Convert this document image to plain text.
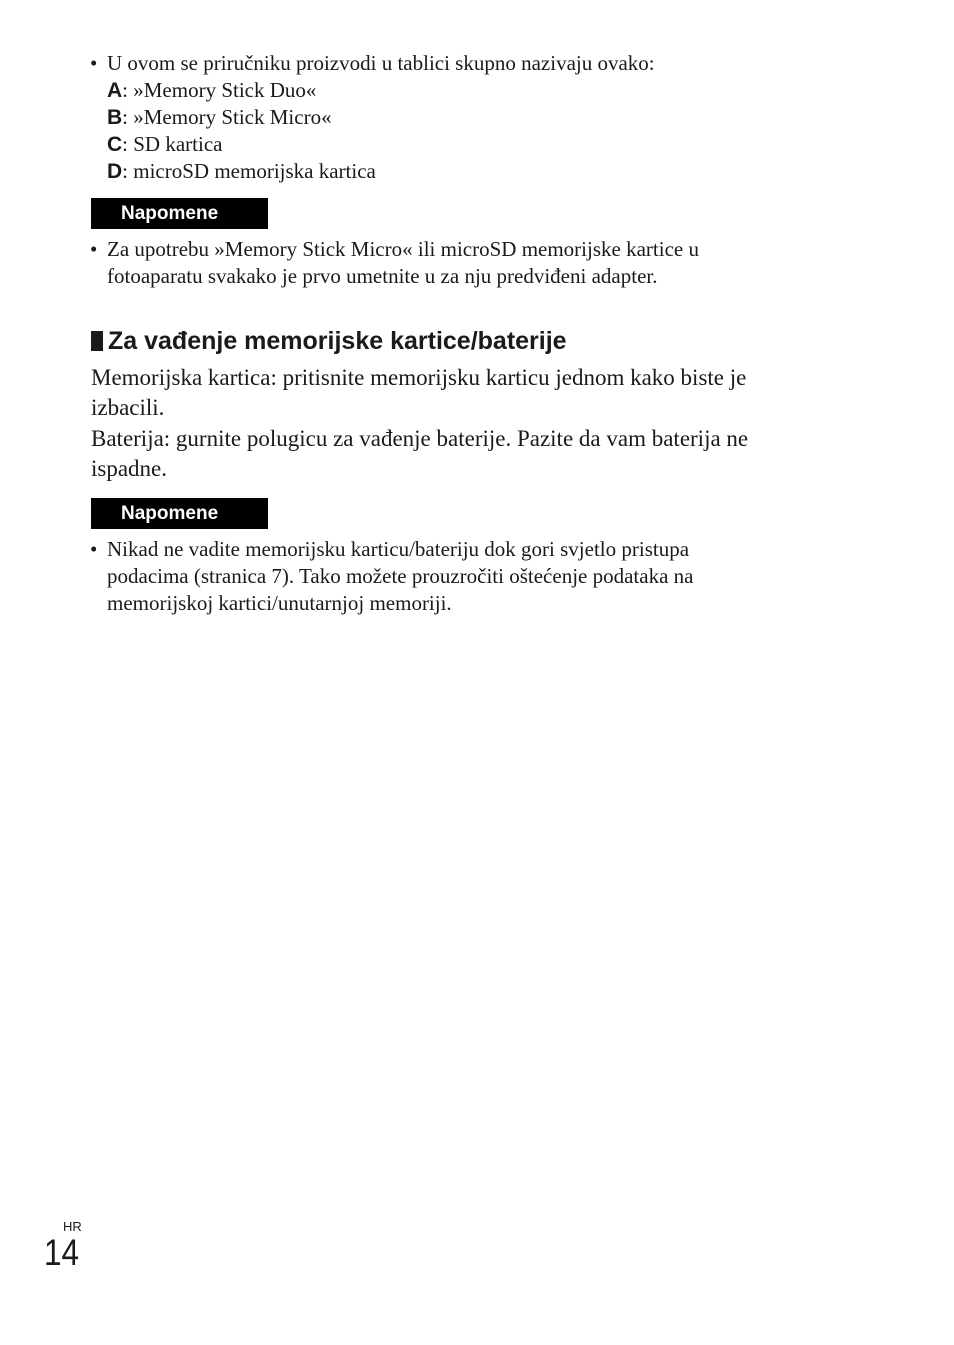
• U ovom se priručniku proizvodi u tablici skupno nazivaju ovako:
A: »Memory Stick Duo«
B: »Memory Stick Micro«
C: SD kartica
D: microSD memorijska kartica
Napomene
• Za upotrebu »Memory Stick Micro« ili microSD memorijske kartice u
fotoaparatu svakako je prvo umetnite u za nju predviđeni adapter.
Za vađenje memorijske kartice/baterije
Memorijska kartica: pritisnite memorijsku karticu jednom kako biste je
izbacili.
Baterija: gurnite polugicu za vađenje baterije. Pazite da vam baterija ne
ispadne.
Napomene
• Nikad ne vadite memorijsku karticu/bateriju dok gori svjetlo pristupa
podacima (stranica 7). Tako možete prouzročiti oštećenje podataka na
memorijskoj kartici/unutarnjoj memoriji.
HR
14
